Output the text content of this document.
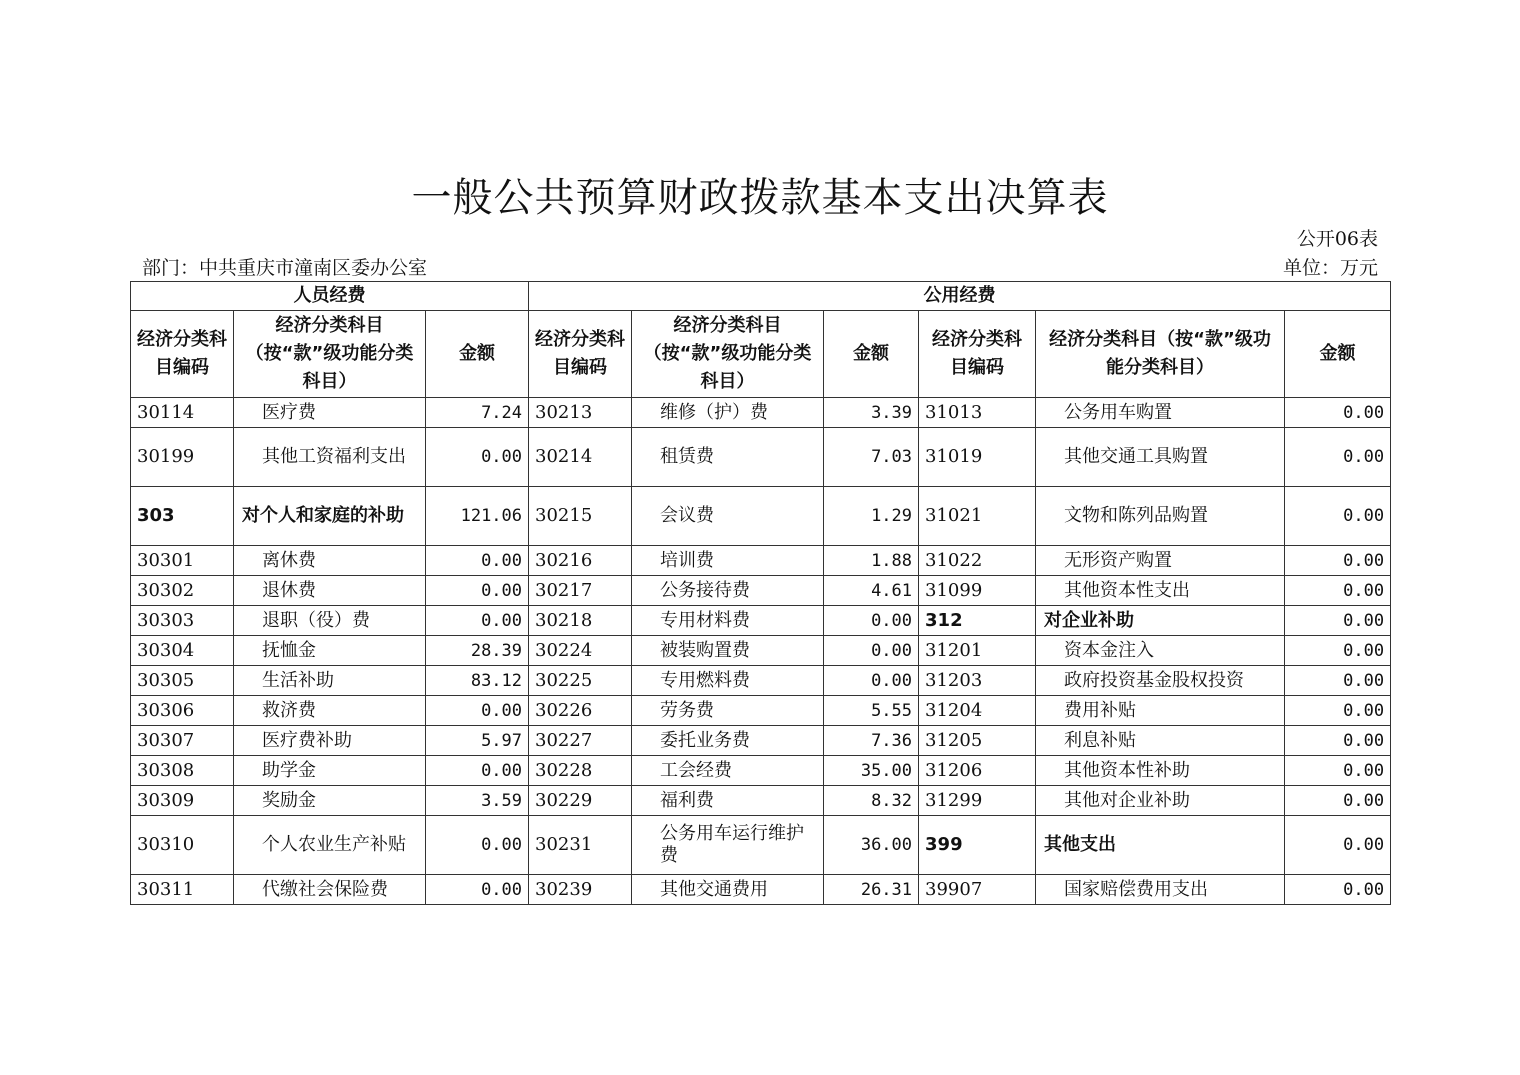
一般公共预算财政拨款基本支出决算表
公开06表
部门：中共重庆市潼南区委办公室	单位：万元
人员经费			公用经费					
经济分类科目编码	经济分类科目（按“款”级功能分类科目）	金额	经济分类科目编码	经济分类科目（按“款”级功能分类科目）	金额	经济分类科目编码	经济分类科目（按“款”级功能分类科目）	金额
30114	医疗费	7.24	30213	维修（护）费	3.39	31013	公务用车购置	0.00
30199	其他工资福利支出	0.00	30214	租赁费	7.03	31019	其他交通工具购置	0.00
303	对个人和家庭的补助	121.06	30215	会议费	1.29	31021	文物和陈列品购置	0.00
30301	离休费	0.00	30216	培训费	1.88	31022	无形资产购置	0.00
30302	退休费	0.00	30217	公务接待费	4.61	31099	其他资本性支出	0.00
30303	退职（役）费	0.00	30218	专用材料费	0.00	312	对企业补助	0.00
30304	抚恤金	28.39	30224	被装购置费	0.00	31201	资本金注入	0.00
30305	生活补助	83.12	30225	专用燃料费	0.00	31203	政府投资基金股权投资	0.00
30306	救济费	0.00	30226	劳务费	5.55	31204	费用补贴	0.00
30307	医疗费补助	5.97	30227	委托业务费	7.36	31205	利息补贴	0.00
30308	助学金	0.00	30228	工会经费	35.00	31206	其他资本性补助	0.00
30309	奖励金	3.59	30229	福利费	8.32	31299	其他对企业补助	0.00
30310	个人农业生产补贴	0.00	30231	公务用车运行维护费	36.00	399	其他支出	0.00
30311	代缴社会保险费	0.00	30239	其他交通费用	26.31	39907	国家赔偿费用支出	0.00
